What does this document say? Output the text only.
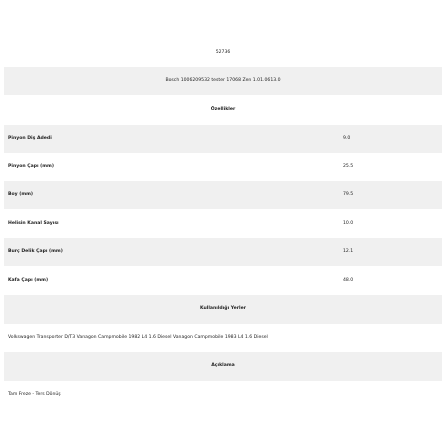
52736
Bosch 1006209532 tester 17068 Zen 1.01.0613.0
Özellikler
Pinyon Diş Adedi	9.0
Pinyon Çapı (mm)	25.5
Boy (mm)	79.5
Helisin Kanal Sayısı	10.0
Burç Delik Çapı (mm)	12.1
Kafa Çapı (mm)	48.0
Kullanıldığı Yerler
Volkswagen Transporter D/T3 Vanagon Campmobile 1982 L4 1.6 Diesel Vanagon Campmobile 1983 L4 1.6 Diesel
Açıklama
Tam Freze - Ters Dönüş
